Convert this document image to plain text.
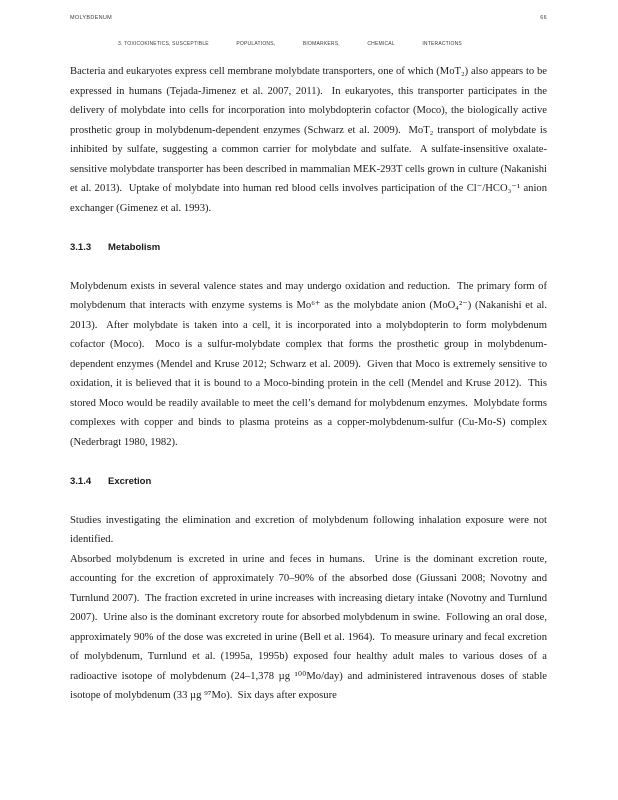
MOLYBDENUM	66
3. TOXICOKINETICS, SUSCEPTIBLE	POPULATIONS,	BIOMARKERS,	CHEMICAL	INTERACTIONS

Bacteria and eukaryotes express cell membrane molybdate transporters, one of which (MoT₂) also appears to be expressed in humans (Tejada-Jimenez et al. 2007, 2011).  In eukaryotes, this transporter participates in the delivery of molybdate into cells for incorporation into molybdopterin cofactor (Moco), the biologically active prosthetic group in molybdenum-dependent enzymes (Schwarz et al. 2009).  MoT₂ transport of molybdate is inhibited by sulfate, suggesting a common carrier for molybdate and sulfate.  A sulfate-insensitive oxalate-sensitive molybdate transporter has been described in mammalian MEK-293T cells grown in culture (Nakanishi et al. 2013).  Uptake of molybdate into human red blood cells involves participation of the Cl⁻/HCO₃⁻¹ anion exchanger (Gimenez et al. 1993).

3.1.3 Metabolism

Molybdenum exists in several valence states and may undergo oxidation and reduction.  The primary form of molybdenum that interacts with enzyme systems is Mo⁶⁺ as the molybdate anion (MoO₄²⁻) (Nakanishi et al. 2013).  After molybdate is taken into a cell, it is incorporated into a molybdopterin to form molybdenum cofactor (Moco).  Moco is a sulfur-molybdate complex that forms the prosthetic group in molybdenum-dependent enzymes (Mendel and Kruse 2012; Schwarz et al. 2009).  Given that Moco is extremely sensitive to oxidation, it is believed that it is bound to a Moco-binding protein in the cell (Mendel and Kruse 2012).  This stored Moco would be readily available to meet the cell’s demand for molybdenum enzymes.  Molybdate forms complexes with copper and binds to plasma proteins as a copper-molybdenum-sulfur (Cu-Mo-S) complex (Nederbragt 1980, 1982).

3.1.4 Excretion

Studies investigating the elimination and excretion of molybdenum following inhalation exposure were not identified.

Absorbed molybdenum is excreted in urine and feces in humans.  Urine is the dominant excretion route, accounting for the excretion of approximately 70–90% of the absorbed dose (Giussani 2008; Novotny and Turnlund 2007).  The fraction excreted in urine increases with increasing dietary intake (Novotny and Turnlund 2007).  Urine also is the dominant excretory route for absorbed molybdenum in swine.  Following an oral dose, approximately 90% of the dose was excreted in urine (Bell et al. 1964).  To measure urinary and fecal excretion of molybdenum, Turnlund et al. (1995a, 1995b) exposed four healthy adult males to various doses of a radioactive isotope of molybdenum (24–1,378 µg ¹⁰⁰Mo/day) and administered intravenous doses of stable isotope of molybdenum (33 µg ⁹⁷Mo).  Six days after exposure
